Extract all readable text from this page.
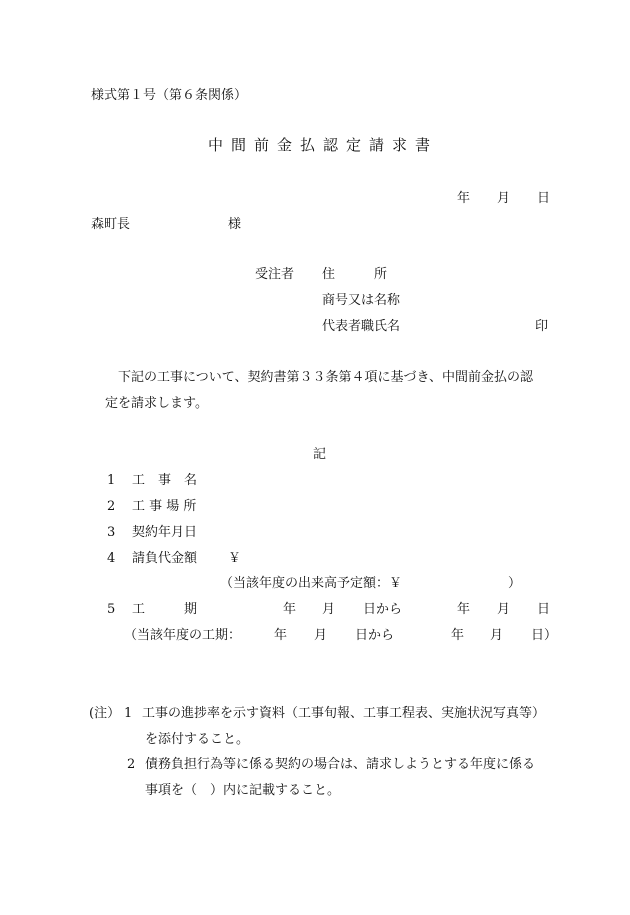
様式第１号（第６条関係）
中間前金払認定請求書
年 月 日
森町長	様
受注者 住　　　所
商号又は名称
代表者職氏名	印
下記の工事について、契約書第３３条第４項に基づき、中間前金払の認
定を請求します。
記
1 工　事　名
2 工 事 場 所
3 契約年月日
4 請負代金額 ￥
（当該年度の出来高予定額：￥	）
5 工　　　期	年 月 日から	年 月 日
（当該年度の工期：	年 月 日から	年 月 日）
(注） 1 工事の進捗率を示す資料（工事旬報、工事工程表、実施状況写真等）
を添付すること。
2 債務負担行為等に係る契約の場合は、請求しようとする年度に係る
事項を（　）内に記載すること。
